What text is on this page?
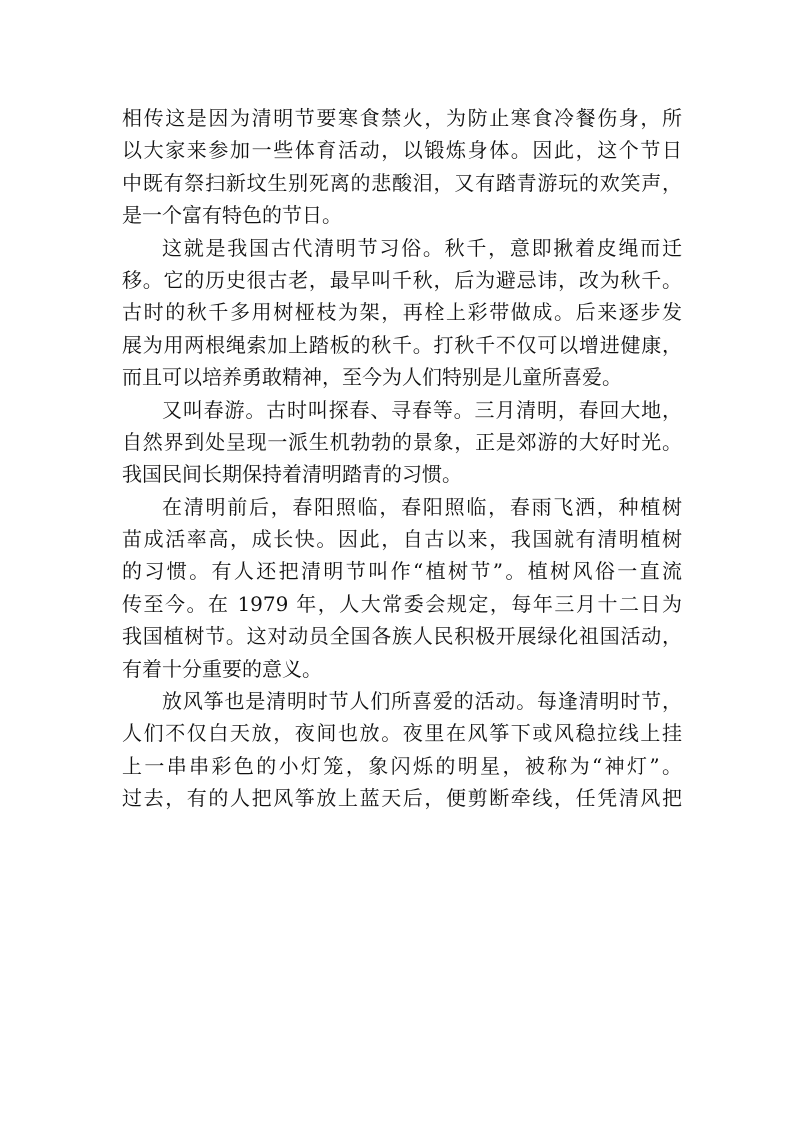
相传这是因为清明节要寒食禁火，为防止寒食冷餐伤身，所
以大家来参加一些体育活动，以锻炼身体。因此，这个节日
中既有祭扫新坟生别死离的悲酸泪，又有踏青游玩的欢笑声，
是一个富有特色的节日。
这就是我国古代清明节习俗。秋千，意即揪着皮绳而迁
移。它的历史很古老，最早叫千秋，后为避忌讳，改为秋千。
古时的秋千多用树桠枝为架，再栓上彩带做成。后来逐步发
展为用两根绳索加上踏板的秋千。打秋千不仅可以增进健康，
而且可以培养勇敢精神，至今为人们特别是儿童所喜爱。
又叫春游。古时叫探春、寻春等。三月清明，春回大地，
自然界到处呈现一派生机勃勃的景象，正是郊游的大好时光。
我国民间长期保持着清明踏青的习惯。
在清明前后，春阳照临，春阳照临，春雨飞洒，种植树
苗成活率高，成长快。因此，自古以来，我国就有清明植树
的习惯。有人还把清明节叫作“植树节”。植树风俗一直流
传至今。在 1979 年，人大常委会规定，每年三月十二日为
我国植树节。这对动员全国各族人民积极开展绿化祖国活动，
有着十分重要的意义。
放风筝也是清明时节人们所喜爱的活动。每逢清明时节，
人们不仅白天放，夜间也放。夜里在风筝下或风稳拉线上挂
上一串串彩色的小灯笼，象闪烁的明星，被称为“神灯”。
过去，有的人把风筝放上蓝天后，便剪断牵线，任凭清风把
